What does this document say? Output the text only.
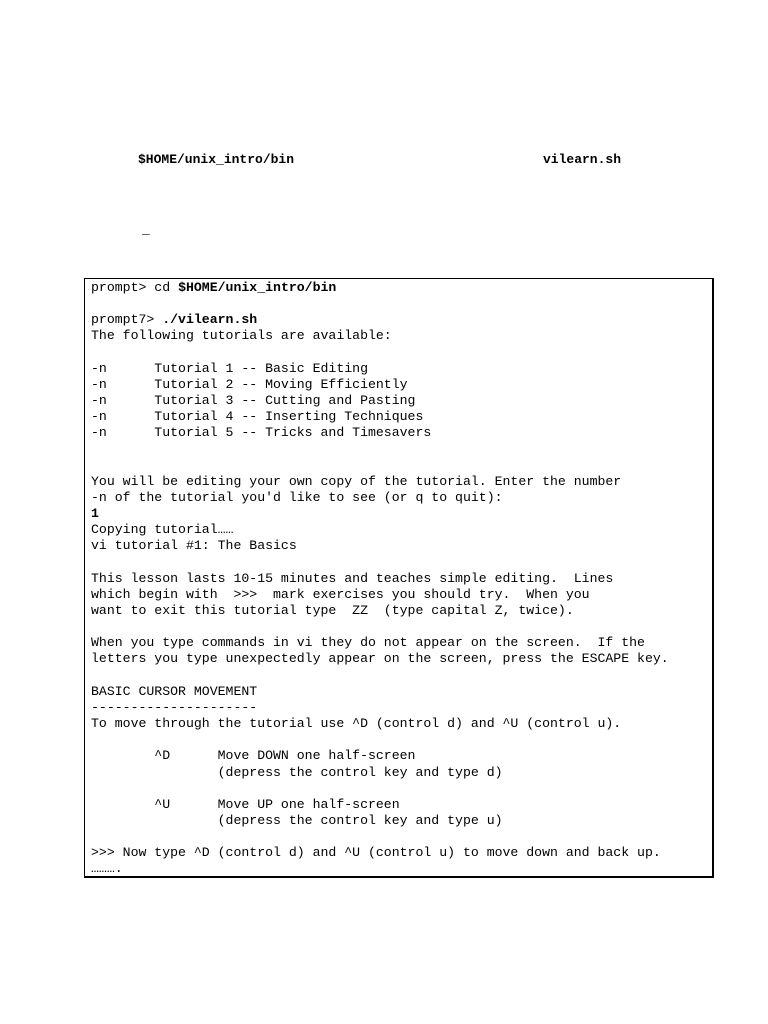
$HOME/unix_intro/bin	vilearn.sh
_
prompt> cd $HOME/unix_intro/bin
prompt7> ./vilearn.sh
The following tutorials are available:
-n      Tutorial 1 -- Basic Editing
-n      Tutorial 2 -- Moving Efficiently
-n      Tutorial 3 -- Cutting and Pasting
-n      Tutorial 4 -- Inserting Techniques
-n      Tutorial 5 -- Tricks and Timesavers
You will be editing your own copy of the tutorial. Enter the number
-n of the tutorial you'd like to see (or q to quit):
1
Copying tutorial……
vi tutorial #1: The Basics
This lesson lasts 10-15 minutes and teaches simple editing.  Lines
which begin with  >>>  mark exercises you should try.  When you
want to exit this tutorial type  ZZ  (type capital Z, twice).
When you type commands in vi they do not appear on the screen.  If the
letters you type unexpectedly appear on the screen, press the ESCAPE key.
BASIC CURSOR MOVEMENT
---------------------
To move through the tutorial use ^D (control d) and ^U (control u).
^D      Move DOWN one half-screen
(depress the control key and type d)
^U      Move UP one half-screen
(depress the control key and type u)
>>> Now type ^D (control d) and ^U (control u) to move down and back up.
……….
